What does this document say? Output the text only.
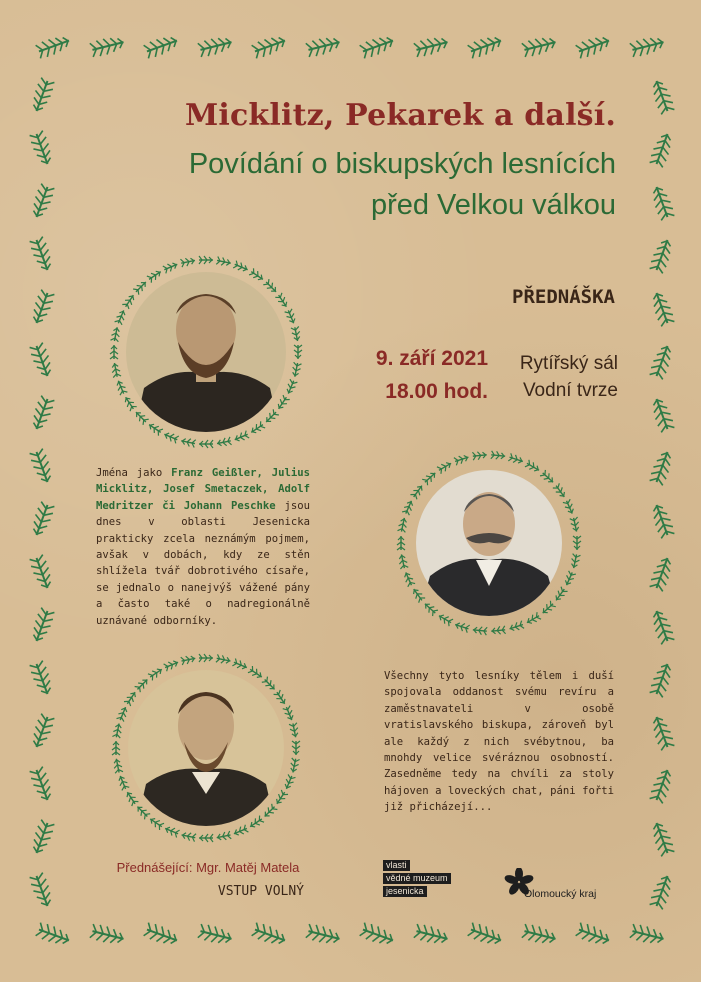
Micklitz, Pekarek a další.
Povídání o biskupských lesnících
před Velkou válkou
PŘEDNÁŠKA
9. září 2021
18.00 hod.
Rytířský sál
Vodní tvrze
Jména jako Franz Geißler, Julius Micklitz, Josef Smetaczek, Adolf Medritzer či Johann Peschke jsou dnes v oblasti Jesenicka prakticky zcela neznámým pojmem, avšak v dobách, kdy ze stěn shlížela tvář dobrotivého císaře, se jednalo o nanejvýš vážené pány a často také o nadregionálně uznávané odborníky.
Všechny tyto lesníky tělem i duší spojovala oddanost svému revíru a zaměstnavateli v osobě vratislavského biskupa, zároveň byl ale každý z nich svébytnou, ba mnohdy velice svéráznou osobností. Zasedněme tedy na chvíli za stoly hájoven a loveckých chat, páni fořti již přicházejí...
Přednášející: Mgr. Matěj Matela
VSTUP VOLNÝ
vlasti
vědné muzeum
jesenicka	Olomoucký kraj
